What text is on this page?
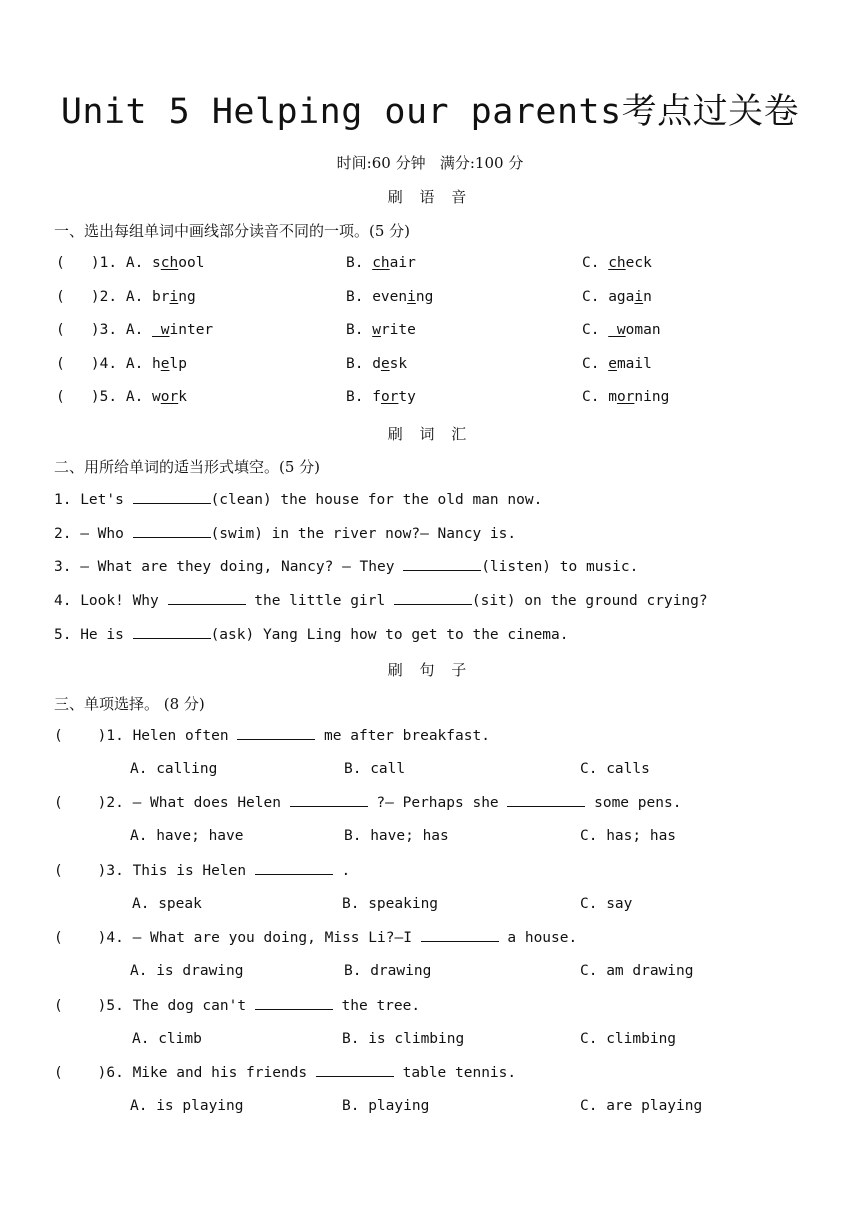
Unit 5 Helping our parents考点过关卷
时间:60 分钟   满分:100 分
刷 语 音
一、选出每组单词中画线部分读音不同的一项。(5 分)
(   )1. A. school	B. chair	C. check
(   )2. A. bring	B. evening	C. again
(   )3. A.  winter	B. write	C.  woman
(   )4. A. help	B. desk	C. email
(   )5. A. work	B. forty	C. morning
刷 词 汇
二、用所给单词的适当形式填空。(5 分)
1. Let's	(clean) the house for the old man now.
2. — Who	(swim) in the river now?— Nancy is.
3. — What are they doing, Nancy? — They	(listen) to music.
4. Look! Why	the little girl	(sit) on the ground crying?
5. He is	(ask) Yang Ling how to get to the cinema.
刷 句 子
三、单项选择。 (8 分)
(    )1. Helen often	me after breakfast.
A. calling	B. call	C. calls
(    )2. — What does Helen	?— Perhaps she	some pens.
A. have; have	B. have; has	C. has; has
(    )3. This is Helen	.
A. speak	B. speaking	C. say
(    )4. — What are you doing, Miss Li?—I	a house.
A. is drawing	B. drawing	C. am drawing
(    )5. The dog can't	the tree.
A. climb	B. is climbing	C. climbing
(    )6. Mike and his friends	table tennis.
A. is playing	B. playing	C. are playing
